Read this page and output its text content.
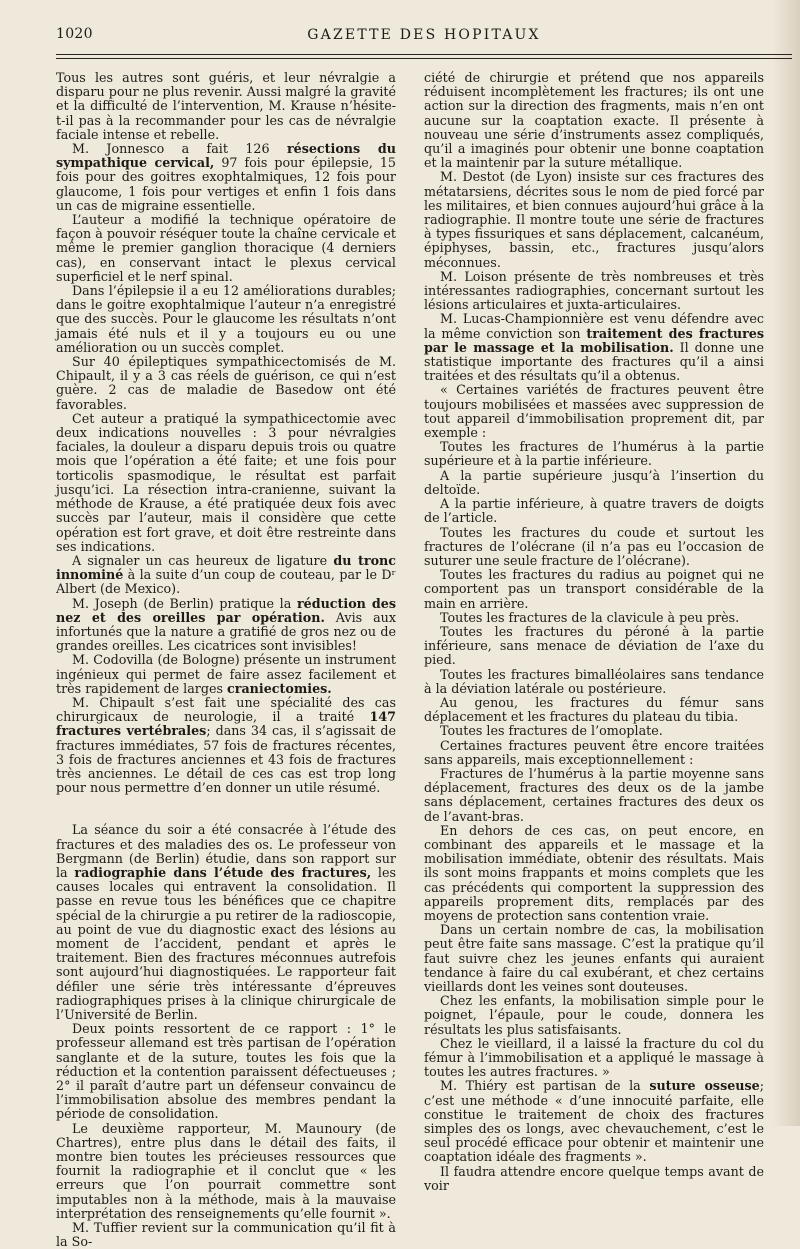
1020	GAZETTE DES HOPITAUX

Tous les autres sont guéris, et leur névralgie a disparu pour ne plus revenir. Aussi malgré la gravité et la difficulté de l’intervention, M. Krause n’hésite-t-il pas à la recommander pour les cas de névralgie faciale intense et rebelle.

M. Jonnesco a fait 126 résections du sympathique cervical, 97 fois pour épilepsie, 15 fois pour des goitres exophtalmiques, 12 fois pour glaucome, 1 fois pour vertiges et enfin 1 fois dans un cas de migraine essentielle.

L’auteur a modifié la technique opératoire de façon à pouvoir réséquer toute la chaîne cervicale et même le premier ganglion thoracique (4 derniers cas), en conservant intact le plexus cervical superficiel et le nerf spinal.

Dans l’épilepsie il a eu 12 améliorations durables; dans le goitre exophtalmique l’auteur n’a enregistré que des succès. Pour le glaucome les résultats n’ont jamais été nuls et il y a toujours eu ou une amélioration ou un succès complet.

Sur 40 épileptiques sympathicectomisés de M. Chipault, il y a 3 cas réels de guérison, ce qui n’est guère. 2 cas de maladie de Basedow ont été favorables.

Cet auteur a pratiqué la sympathicectomie avec deux indications nouvelles : 3 pour névralgies faciales, la douleur a disparu depuis trois ou quatre mois que l’opération a été faite; et une fois pour torticolis spasmodique, le résultat est parfait jusqu’ici. La résection intra-cranienne, suivant la méthode de Krause, a été pratiquée deux fois avec succès par l’auteur, mais il considère que cette opération est fort grave, et doit être restreinte dans ses indications.

A signaler un cas heureux de ligature du tronc innominé à la suite d’un coup de couteau, par le Dʳ Albert (de Mexico).

M. Joseph (de Berlin) pratique la réduction des nez et des oreilles par opération. Avis aux infortunés que la nature a gratifié de gros nez ou de grandes oreilles. Les cicatrices sont invisibles!

M. Codovilla (de Bologne) présente un instrument ingénieux qui permet de faire assez facilement et très rapidement de larges craniectomies.

M. Chipault s’est fait une spécialité des cas chirurgicaux de neurologie, il a traité 147 fractures vertébrales; dans 34 cas, il s’agissait de fractures immédiates, 57 fois de fractures récentes, 3 fois de fractures anciennes et 43 fois de fractures très anciennes. Le détail de ces cas est trop long pour nous permettre d’en donner un utile résumé.

La séance du soir a été consacrée à l’étude des fractures et des maladies des os. Le professeur von Bergmann (de Berlin) étudie, dans son rapport sur la radiographie dans l’étude des fractures, les causes locales qui entravent la consolidation. Il passe en revue tous les bénéfices que ce chapitre spécial de la chirurgie a pu retirer de la radioscopie, au point de vue du diagnostic exact des lésions au moment de l’accident, pendant et après le traitement. Bien des fractures méconnues autrefois sont aujourd’hui diagnostiquées. Le rapporteur fait défiler une série très intéressante d’épreuves radiographiques prises à la clinique chirurgicale de l’Université de Berlin.

Deux points ressortent de ce rapport : 1° le professeur allemand est très partisan de l’opération sanglante et de la suture, toutes les fois que la réduction et la contention paraissent défectueuses ; 2° il paraît d’autre part un défenseur convaincu de l’immobilisation absolue des membres pendant la période de consolidation.

Le deuxième rapporteur, M. Maunoury (de Chartres), entre plus dans le détail des faits, il montre bien toutes les précieuses ressources que fournit la radiographie et il conclut que « les erreurs que l’on pourrait commettre sont imputables non à la méthode, mais à la mauvaise interprétation des renseignements qu’elle fournit ».

M. Tuffier revient sur la communication qu’il fit à la So-

ciété de chirurgie et prétend que nos appareils réduisent incomplètement les fractures; ils ont une action sur la direction des fragments, mais n’en ont aucune sur la coaptation exacte. Il présente à nouveau une série d’instruments assez compliqués, qu’il a imaginés pour obtenir une bonne coaptation et la maintenir par la suture métallique.

M. Destot (de Lyon) insiste sur ces fractures des métatarsiens, décrites sous le nom de pied forcé par les militaires, et bien connues aujourd’hui grâce à la radiographie. Il montre toute une série de fractures à types fissuriques et sans déplacement, calcanéum, épiphyses, bassin, etc., fractures jusqu’alors méconnues.

M. Loison présente de très nombreuses et très intéressantes radiographies, concernant surtout les lésions articulaires et juxta-articulaires.

M. Lucas-Championnière est venu défendre avec la même conviction son traitement des fractures par le massage et la mobilisation. Il donne une statistique importante des fractures qu’il a ainsi traitées et des résultats qu’il a obtenus.

« Certaines variétés de fractures peuvent être toujours mobilisées et massées avec suppression de tout appareil d’immobilisation proprement dit, par exemple :

Toutes les fractures de l’humérus à la partie supérieure et à la partie inférieure.

A la partie supérieure jusqu’à l’insertion du deltoïde.

A la partie inférieure, à quatre travers de doigts de l’article.

Toutes les fractures du coude et surtout les fractures de l’olécrane (il n’a pas eu l’occasion de suturer une seule fracture de l’olécrane).

Toutes les fractures du radius au poignet qui ne comportent pas un transport considérable de la main en arrière.

Toutes les fractures de la clavicule à peu près.

Toutes les fractures du péroné à la partie inférieure, sans menace de déviation de l’axe du pied.

Toutes les fractures bimalléolaires sans tendance à la déviation latérale ou postérieure.

Au genou, les fractures du fémur sans déplacement et les fractures du plateau du tibia.

Toutes les fractures de l’omoplate.

Certaines fractures peuvent être encore traitées sans appareils, mais exceptionnellement :

Fractures de l’humérus à la partie moyenne sans déplacement, fractures des deux os de la jambe sans déplacement, certaines fractures des deux os de l’avant-bras.

En dehors de ces cas, on peut encore, en combinant des appareils et le massage et la mobilisation immédiate, obtenir des résultats. Mais ils sont moins frappants et moins complets que les cas précédents qui comportent la suppression des appareils proprement dits, remplacés par des moyens de protection sans contention vraie.

Dans un certain nombre de cas, la mobilisation peut être faite sans massage. C’est la pratique qu’il faut suivre chez les jeunes enfants qui auraient tendance à faire du cal exubérant, et chez certains vieillards dont les veines sont douteuses.

Chez les enfants, la mobilisation simple pour le poignet, l’épaule, pour le coude, donnera les résultats les plus satisfaisants.

Chez le vieillard, il a laissé la fracture du col du fémur à l’immobilisation et a appliqué le massage à toutes les autres fractures. »

M. Thiéry est partisan de la suture osseuse; c’est une méthode « d’une innocuité parfaite, elle constitue le traitement de choix des fractures simples des os longs, avec chevauchement, c’est le seul procédé efficace pour obtenir et maintenir une coaptation idéale des fragments ».

Il faudra attendre encore quelque temps avant de voir
